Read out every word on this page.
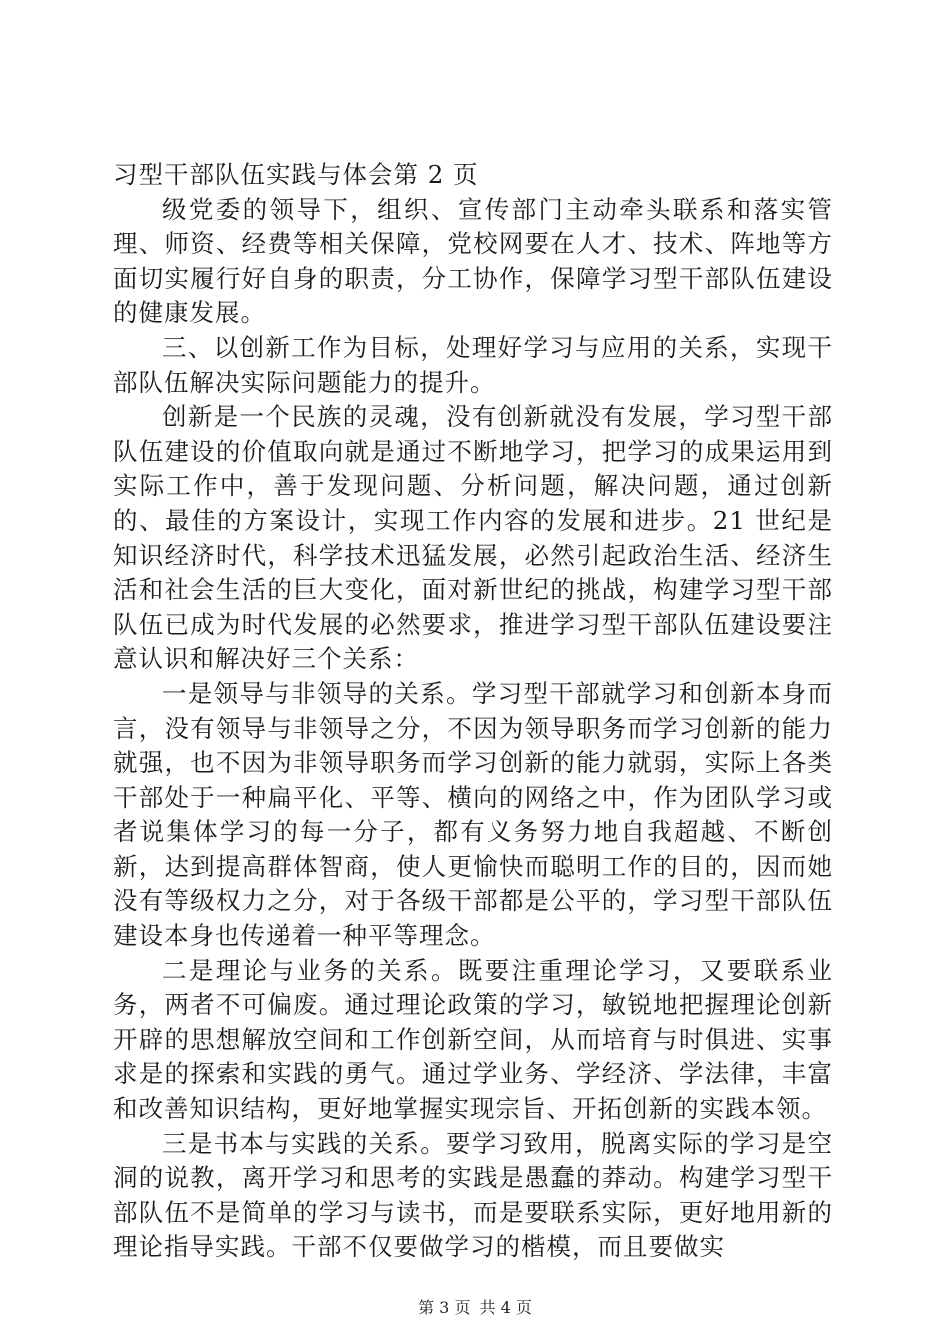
习型干部队伍实践与体会第 2 页

级党委的领导下，组织、宣传部门主动牵头联系和落实管理、师资、经费等相关保障，党校网要在人才、技术、阵地等方面切实履行好自身的职责，分工协作，保障学习型干部队伍建设的健康发展。

三、以创新工作为目标，处理好学习与应用的关系，实现干部队伍解决实际问题能力的提升。

创新是一个民族的灵魂，没有创新就没有发展，学习型干部队伍建设的价值取向就是通过不断地学习，把学习的成果运用到实际工作中，善于发现问题、分析问题，解决问题，通过创新的、最佳的方案设计，实现工作内容的发展和进步。21 世纪是知识经济时代，科学技术迅猛发展，必然引起政治生活、经济生活和社会生活的巨大变化，面对新世纪的挑战，构建学习型干部队伍已成为时代发展的必然要求，推进学习型干部队伍建设要注意认识和解决好三个关系：

一是领导与非领导的关系。学习型干部就学习和创新本身而言，没有领导与非领导之分，不因为领导职务而学习创新的能力就强，也不因为非领导职务而学习创新的能力就弱，实际上各类干部处于一种扁平化、平等、横向的网络之中，作为团队学习或者说集体学习的每一分子，都有义务努力地自我超越、不断创新，达到提高群体智商，使人更愉快而聪明工作的目的，因而她没有等级权力之分，对于各级干部都是公平的，学习型干部队伍建设本身也传递着一种平等理念。

二是理论与业务的关系。既要注重理论学习，又要联系业务，两者不可偏废。通过理论政策的学习，敏锐地把握理论创新开辟的思想解放空间和工作创新空间，从而培育与时俱进、实事求是的探索和实践的勇气。通过学业务、学经济、学法律，丰富和改善知识结构，更好地掌握实现宗旨、开拓创新的实践本领。

三是书本与实践的关系。要学习致用，脱离实际的学习是空洞的说教，离开学习和思考的实践是愚蠢的莽动。构建学习型干部队伍不是简单的学习与读书，而是要联系实际，更好地用新的理论指导实践。干部不仅要做学习的楷模，而且要做实

第 3 页 共 4 页
